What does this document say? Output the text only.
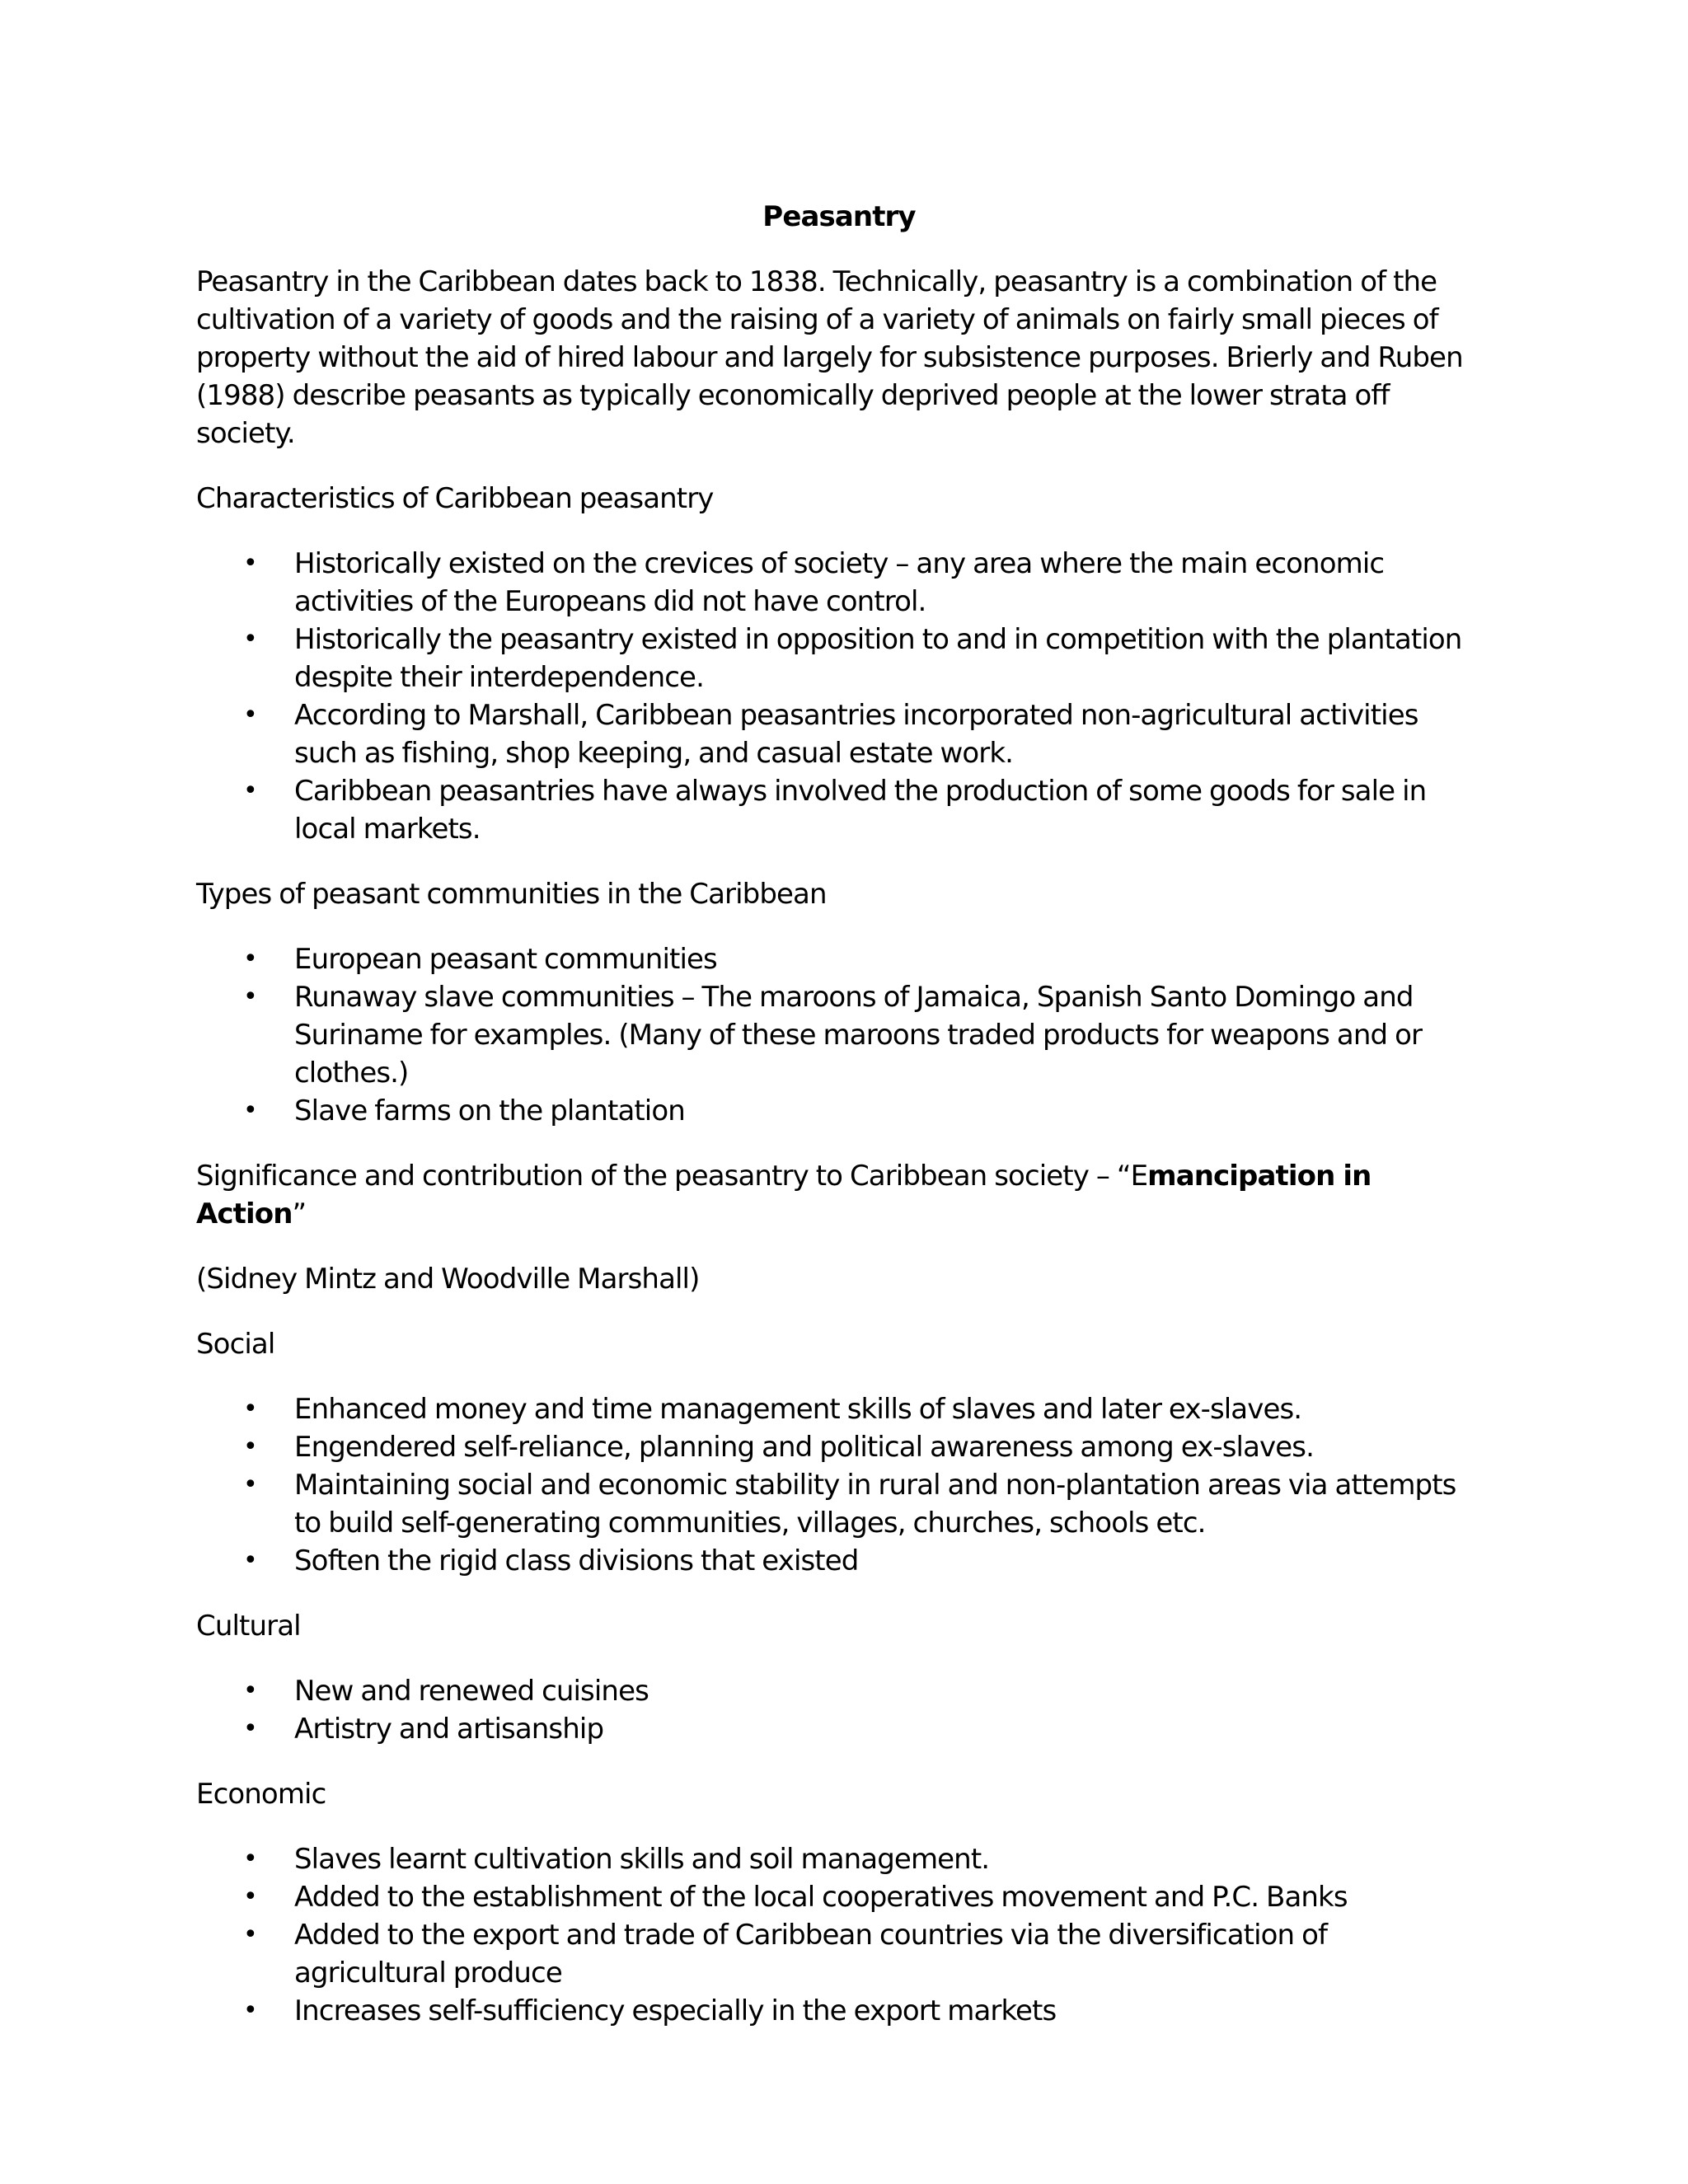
Peasantry

Peasantry in the Caribbean dates back to 1838. Technically, peasantry is a combination of the cultivation of a variety of goods and the raising of a variety of animals on fairly small pieces of property without the aid of hired labour and largely for subsistence purposes. Brierly and Ruben (1988) describe peasants as typically economically deprived people at the lower strata off society.

Characteristics of Caribbean peasantry

• Historically existed on the crevices of society – any area where the main economic activities of the Europeans did not have control.
• Historically the peasantry existed in opposition to and in competition with the plantation despite their interdependence.
• According to Marshall, Caribbean peasantries incorporated non-agricultural activities such as fishing, shop keeping, and casual estate work.
• Caribbean peasantries have always involved the production of some goods for sale in local markets.

Types of peasant communities in the Caribbean

• European peasant communities
• Runaway slave communities – The maroons of Jamaica, Spanish Santo Domingo and Suriname for examples. (Many of these maroons traded products for weapons and or clothes.)
• Slave farms on the plantation

Significance and contribution of the peasantry to Caribbean society – “Emancipation in Action”

(Sidney Mintz and Woodville Marshall)

Social

• Enhanced money and time management skills of slaves and later ex-slaves.
• Engendered self-reliance, planning and political awareness among ex-slaves.
• Maintaining social and economic stability in rural and non-plantation areas via attempts to build self-generating communities, villages, churches, schools etc.
• Soften the rigid class divisions that existed

Cultural

• New and renewed cuisines
• Artistry and artisanship

Economic

• Slaves learnt cultivation skills and soil management.
• Added to the establishment of the local cooperatives movement and P.C. Banks
• Added to the export and trade of Caribbean countries via the diversification of agricultural produce
• Increases self-sufficiency especially in the export markets
